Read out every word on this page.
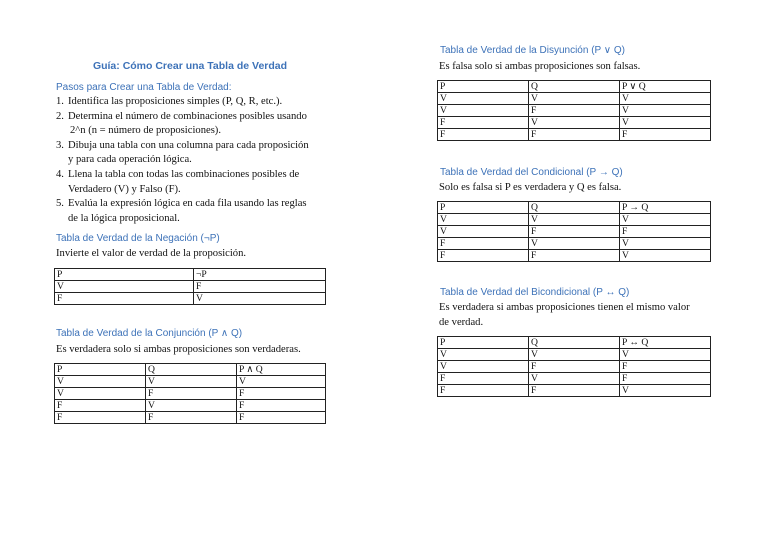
Guía: Cómo Crear una Tabla de Verdad
Pasos para Crear una Tabla de Verdad:
1. Identifica las proposiciones simples (P, Q, R, etc.).
2. Determina el número de combinaciones posibles usando
2^n (n = número de proposiciones).
3. Dibuja una tabla con una columna para cada proposición
y para cada operación lógica.
4. Llena la tabla con todas las combinaciones posibles de
Verdadero (V) y Falso (F).
5. Evalúa la expresión lógica en cada fila usando las reglas
de la lógica proposicional.
Tabla de Verdad de la Negación (¬P)
Invierte el valor de verdad de la proposición.
P	¬P
V	F
F	V
Tabla de Verdad de la Conjunción (P ∧ Q)
Es verdadera solo si ambas proposiciones son verdaderas.
P	Q	P ∧ Q
V	V	V
V	F	F
F	V	F
F	F	F
Tabla de Verdad de la Disyunción (P ∨ Q)
Es falsa solo si ambas proposiciones son falsas.
P	Q	P ∨ Q
V	V	V
V	F	V
F	V	V
F	F	F
Tabla de Verdad del Condicional (P → Q)
Solo es falsa si P es verdadera y Q es falsa.
P	Q	P → Q
V	V	V
V	F	F
F	V	V
F	F	V
Tabla de Verdad del Bicondicional (P ↔ Q)
Es verdadera si ambas proposiciones tienen el mismo valor
de verdad.
P	Q	P ↔ Q
V	V	V
V	F	F
F	V	F
F	F	V
